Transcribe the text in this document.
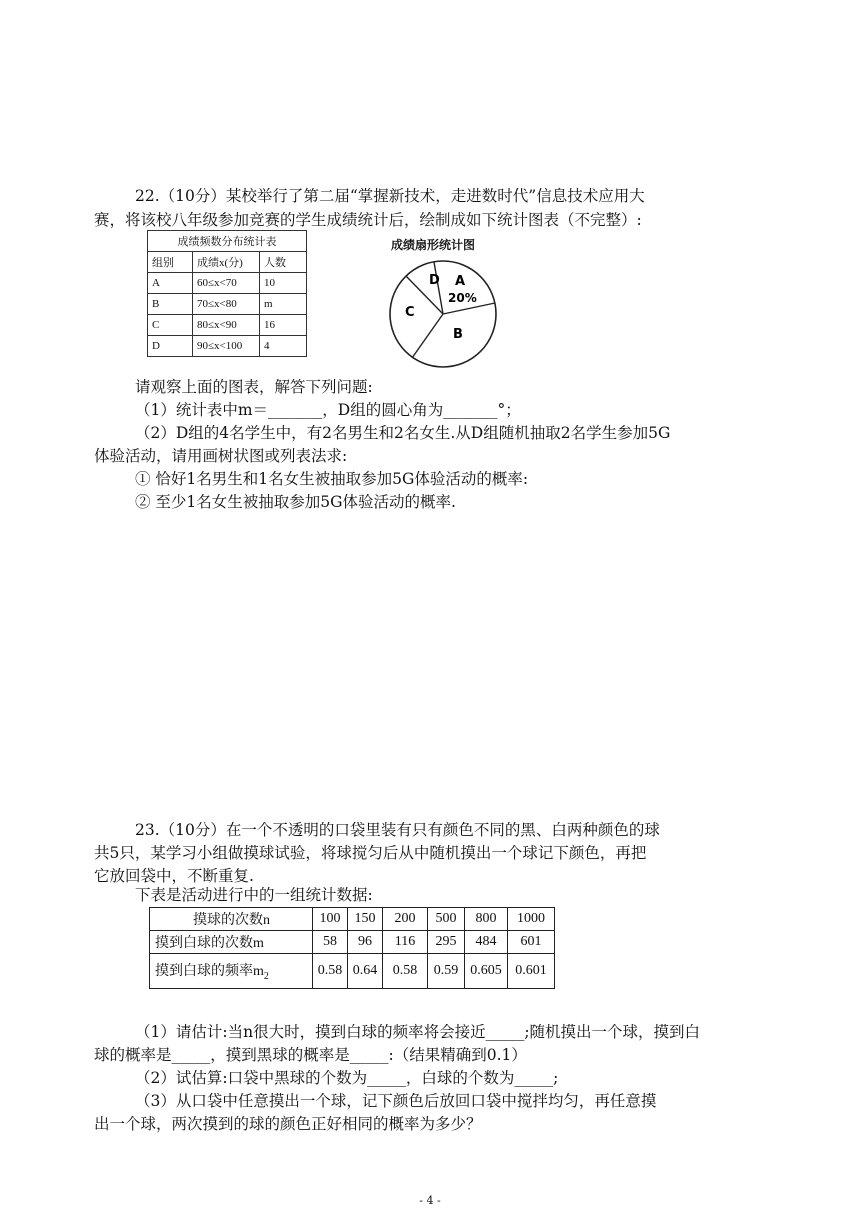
22.（10分）某校举行了第二届“掌握新技术，走进数时代”信息技术应用大
赛，将该校八年级参加竞赛的学生成绩统计后，绘制成如下统计图表（不完整）:
成绩频数分布统计表		
组别	成绩x(分)	人数
A	60≤x<70	10
B	70≤x<80	m
C	80≤x<90	16
D	90≤x<100	4
成绩扇形统计图
D A
20%
C
B
请观察上面的图表，解答下列问题:
（1）统计表中m＝_______，D组的圆心角为_______°；
（2）D组的4名学生中，有2名男生和2名女生.从D组随机抽取2名学生参加5G
体验活动，请用画树状图或列表法求:
① 恰好1名男生和1名女生被抽取参加5G体验活动的概率:
② 至少1名女生被抽取参加5G体验活动的概率.
23.（10分）在一个不透明的口袋里装有只有颜色不同的黑、白两种颜色的球
共5只，某学习小组做摸球试验，将球搅匀后从中随机摸出一个球记下颜色，再把
它放回袋中，不断重复.
下表是活动进行中的一组统计数据:
摸球的次数n	100	150	200	500	800	1000
摸到白球的次数m	58	96	116	295	484	601
摸到白球的频率$m_2$	0.58	0.64	0.58	0.59	0.605	0.601
（1）请估计:当n很大时，摸到白球的频率将会接近_____;随机摸出一个球，摸到白
球的概率是_____，摸到黑球的概率是_____:（结果精确到0.1）
（2）试估算:口袋中黑球的个数为_____，白球的个数为_____;
（3）从口袋中任意摸出一个球，记下颜色后放回口袋中搅拌均匀，再任意摸
出一个球，两次摸到的球的颜色正好相同的概率为多少？
- 4 -
